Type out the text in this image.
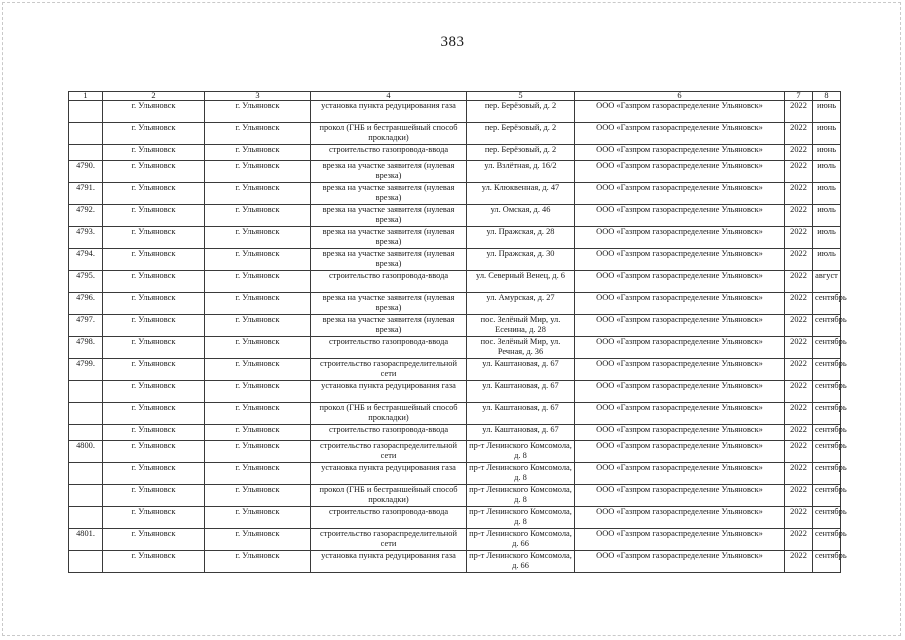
383
1	2	3	4	5	6	7	8
	г. Ульяновск	г. Ульяновск	установка пункта редуцирования газа	пер. Берёзовый, д. 2	ООО «Газпром газораспределение Ульяновск»	2022	июнь
	г. Ульяновск	г. Ульяновск	прокол (ГНБ и бестраншейный способ прокладки)	пер. Берёзовый, д. 2	ООО «Газпром газораспределение Ульяновск»	2022	июнь
	г. Ульяновск	г. Ульяновск	строительство газопровода-ввода	пер. Берёзовый, д. 2	ООО «Газпром газораспределение Ульяновск»	2022	июнь
4790.	г. Ульяновск	г. Ульяновск	врезка на участке заявителя (нулевая врезка)	ул. Взлётная, д. 16/2	ООО «Газпром газораспределение Ульяновск»	2022	июль
4791.	г. Ульяновск	г. Ульяновск	врезка на участке заявителя (нулевая врезка)	ул. Клюквенная, д. 47	ООО «Газпром газораспределение Ульяновск»	2022	июль
4792.	г. Ульяновск	г. Ульяновск	врезка на участке заявителя (нулевая врезка)	ул. Омская, д. 46	ООО «Газпром газораспределение Ульяновск»	2022	июль
4793.	г. Ульяновск	г. Ульяновск	врезка на участке заявителя (нулевая врезка)	ул. Пражская, д. 28	ООО «Газпром газораспределение Ульяновск»	2022	июль
4794.	г. Ульяновск	г. Ульяновск	врезка на участке заявителя (нулевая врезка)	ул. Пражская, д. 30	ООО «Газпром газораспределение Ульяновск»	2022	июль
4795.	г. Ульяновск	г. Ульяновск	строительство газопровода-ввода	ул. Северный Венец, д. 6	ООО «Газпром газораспределение Ульяновск»	2022	август
4796.	г. Ульяновск	г. Ульяновск	врезка на участке заявителя (нулевая врезка)	ул. Амурская, д. 27	ООО «Газпром газораспределение Ульяновск»	2022	сентябрь
4797.	г. Ульяновск	г. Ульяновск	врезка на участке заявителя (нулевая врезка)	пос. Зелёный Мир, ул. Есенина, д. 28	ООО «Газпром газораспределение Ульяновск»	2022	сентябрь
4798.	г. Ульяновск	г. Ульяновск	строительство газопровода-ввода	пос. Зелёный Мир, ул. Речная, д. 36	ООО «Газпром газораспределение Ульяновск»	2022	сентябрь
4799.	г. Ульяновск	г. Ульяновск	строительство газораспределительной сети	ул. Каштановая, д. 67	ООО «Газпром газораспределение Ульяновск»	2022	сентябрь
	г. Ульяновск	г. Ульяновск	установка пункта редуцирования газа	ул. Каштановая, д. 67	ООО «Газпром газораспределение Ульяновск»	2022	сентябрь
	г. Ульяновск	г. Ульяновск	прокол (ГНБ и бестраншейный способ прокладки)	ул. Каштановая, д. 67	ООО «Газпром газораспределение Ульяновск»	2022	сентябрь
	г. Ульяновск	г. Ульяновск	строительство газопровода-ввода	ул. Каштановая, д. 67	ООО «Газпром газораспределение Ульяновск»	2022	сентябрь
4800.	г. Ульяновск	г. Ульяновск	строительство газораспределительной сети	пр-т Ленинского Комсомола, д. 8	ООО «Газпром газораспределение Ульяновск»	2022	сентябрь
	г. Ульяновск	г. Ульяновск	установка пункта редуцирования газа	пр-т Ленинского Комсомола, д. 8	ООО «Газпром газораспределение Ульяновск»	2022	сентябрь
	г. Ульяновск	г. Ульяновск	прокол (ГНБ и бестраншейный способ прокладки)	пр-т Ленинского Комсомола, д. 8	ООО «Газпром газораспределение Ульяновск»	2022	сентябрь
	г. Ульяновск	г. Ульяновск	строительство газопровода-ввода	пр-т Ленинского Комсомола, д. 8	ООО «Газпром газораспределение Ульяновск»	2022	сентябрь
4801.	г. Ульяновск	г. Ульяновск	строительство газораспределительной сети	пр-т Ленинского Комсомола, д. 66	ООО «Газпром газораспределение Ульяновск»	2022	сентябрь
	г. Ульяновск	г. Ульяновск	установка пункта редуцирования газа	пр-т Ленинского Комсомола, д. 66	ООО «Газпром газораспределение Ульяновск»	2022	сентябрь
